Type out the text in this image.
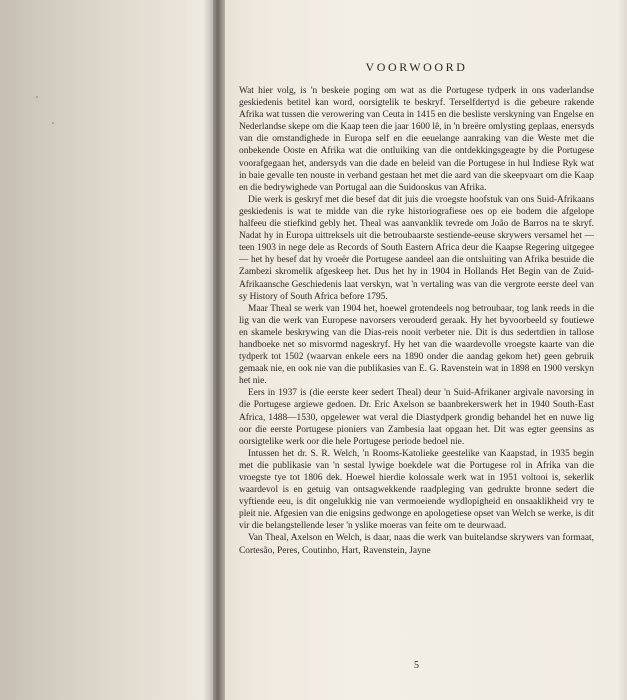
VOORWOORD

Wat hier volg, is 'n beskeie poging om wat as die Portugese tydperk in ons vaderlandse geskiedenis betitel kan word, oorsigtelik te beskryf. Terselfdertyd is die gebeure rakende Afrika wat tussen die verowering van Ceuta in 1415 en die besliste verskyning van Engelse en Nederlandse skepe om die Kaap teen die jaar 1600 lê, in 'n breëre omlysting geplaas, enersyds van die omstandighede in Europa self en die eeuelange aanraking van die Weste met die onbekende Ooste en Afrika wat die ontluiking van die ontdekkingsgeagte by die Portugese voorafgegaan het, andersyds van die dade en beleid van die Portugese in hul Indiese Ryk wat in baie gevalle ten nouste in verband gestaan het met die aard van die skeepvaart om die Kaap en die bedrywighede van Portugal aan die Suidooskus van Afrika.

Die werk is geskryf met die besef dat dit juis die vroegste hoofstuk van ons Suid-Afrikaans geskiedenis is wat te midde van die ryke historiografiese oes op eie bodem die afgelope halfeeu die stiefkind gebly het. Theal was aanvanklik tevrede om João de Barros na te skryf. Nadat hy in Europa uittreksels uit die betroubaarste sestiende-eeuse skrywers versamel het — teen 1903 in nege dele as Records of South Eastern Africa deur die Kaapse Regering uitgegee — het hy besef dat hy vroeër die Portugese aandeel aan die ontsluiting van Afrika besuide die Zambezi skromelik afgeskeep het. Dus het hy in 1904 in Hollands Het Begin van de Zuid-Afrikaansche Geschiedenis laat verskyn, wat 'n vertaling was van die vergrote eerste deel van sy History of South Africa before 1795.

Maar Theal se werk van 1904 het, hoewel grotendeels nog betroubaar, tog lank reeds in die lig van die werk van Europese navorsers verouderd geraak. Hy het byvoorbeeld sy foutiewe en skamele beskrywing van die Dias-reis nooit verbeter nie. Dit is dus sedertdien in tallose handboeke net so misvormd nageskryf. Hy het van die waardevolle vroegste kaarte van die tydperk tot 1502 (waarvan enkele eers na 1890 onder die aandag gekom het) geen gebruik gemaak nie, en ook nie van die publikasies van E. G. Ravenstein wat in 1898 en 1900 verskyn het nie.

Eers in 1937 is (die eerste keer sedert Theal) deur 'n Suid-Afrikaner argivale navorsing in die Portugese argiewe gedoen. Dr. Eric Axelson se baanbrekerswerk het in 1940 South-East Africa, 1488—1530, opgelewer wat veral die Diastydperk grondig behandel het en nuwe lig oor die eerste Portugese pioniers van Zambesia laat opgaan het. Dit was egter geensins as oorsigtelike werk oor die hele Portugese periode bedoel nie.

Intussen het dr. S. R. Welch, 'n Rooms-Katolieke geestelike van Kaapstad, in 1935 begin met die publikasie van 'n sestal lywige boekdele wat die Portugese rol in Afrika van die vroegste tye tot 1806 dek. Hoewel hierdie kolossale werk wat in 1951 voltooi is, sekerlik waardevol is en getuig van ontsagwekkende raadpleging van gedrukte bronne sedert die vyftiende eeu, is dit ongelukkig nie van vermoeiende wydlopigheid en onsaaklikheid vry te pleit nie. Afgesien van die enigsins gedwonge en apologetiese opset van Welch se werke, is dit vir die belangstellende leser 'n yslike moeras van feite om te deurwaad.

Van Theal, Axelson en Welch, is daar, naas die werk van buitelandse skrywers van formaat, Cortesão, Peres, Coutinho, Hart, Ravenstein, Jayne

5
